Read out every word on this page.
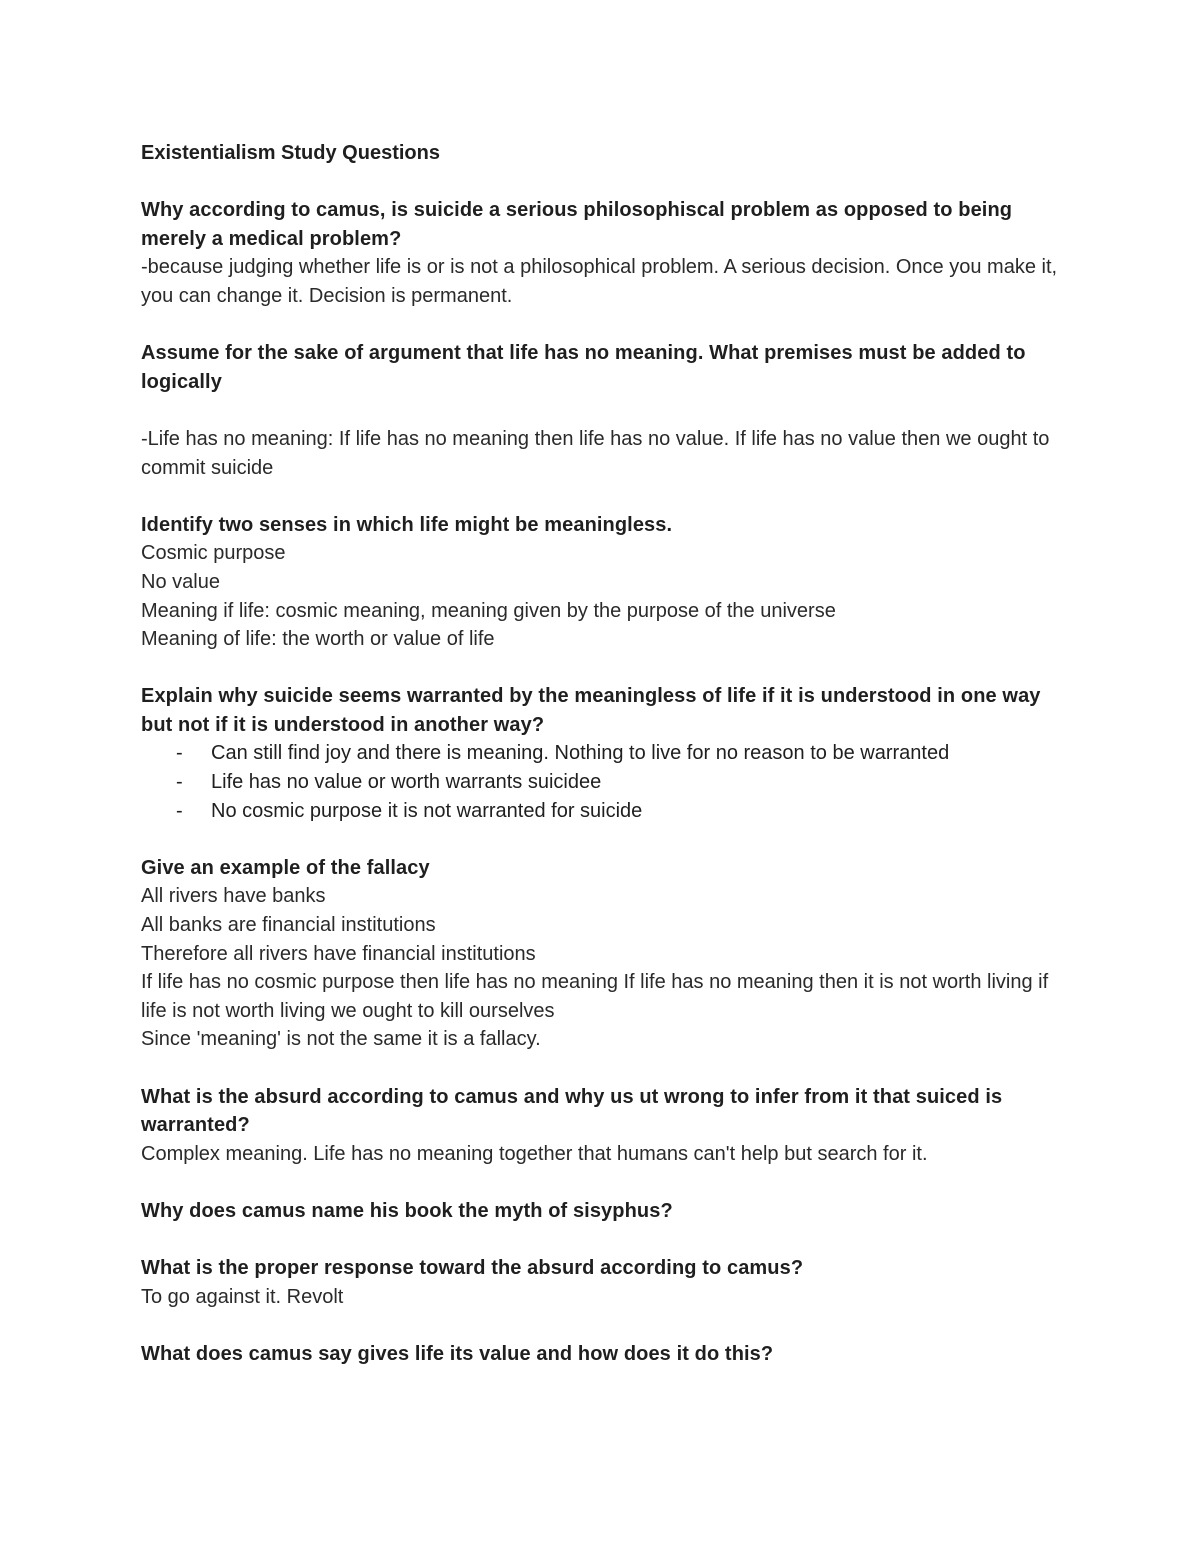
Existentialism Study Questions

Why according to camus, is suicide a serious philosophiscal problem as opposed to being merely a medical problem?

-because judging whether life is or is not a philosophical problem. A serious decision. Once you make it, you can change it. Decision is permanent.

Assume for the sake of argument that life has no meaning. What premises must be added to logically

-Life has no meaning: If life has no meaning then life has no value. If life has no value then we ought to commit suicide

Identify two senses in which life might be meaningless.

Cosmic purpose

No value

Meaning if life: cosmic meaning, meaning given by the purpose of the universe

Meaning of life: the worth or value of life

Explain why suicide seems warranted by the meaningless of life if it is understood in one way but not if it is understood in another way?

- Can still find joy and there is meaning. Nothing to live for no reason to be warranted
- Life has no value or worth warrants suicidee
- No cosmic purpose it is not warranted for suicide

Give an example of the fallacy

All rivers have banks

All banks are financial institutions

Therefore all rivers have financial institutions

If life has no cosmic purpose then life has no meaning If life has no meaning then it is not worth living if life is not worth living we ought to kill ourselves

Since 'meaning' is not the same it is a fallacy.

What is the absurd according to camus and why us ut wrong to infer from it that suiced is warranted?

Complex meaning. Life has no meaning together that humans can't help but search for it.

Why does camus name his book the myth of sisyphus?

What is the proper response toward the absurd according to camus?

To go against it. Revolt

What does camus say gives life its value and how does it do this?
